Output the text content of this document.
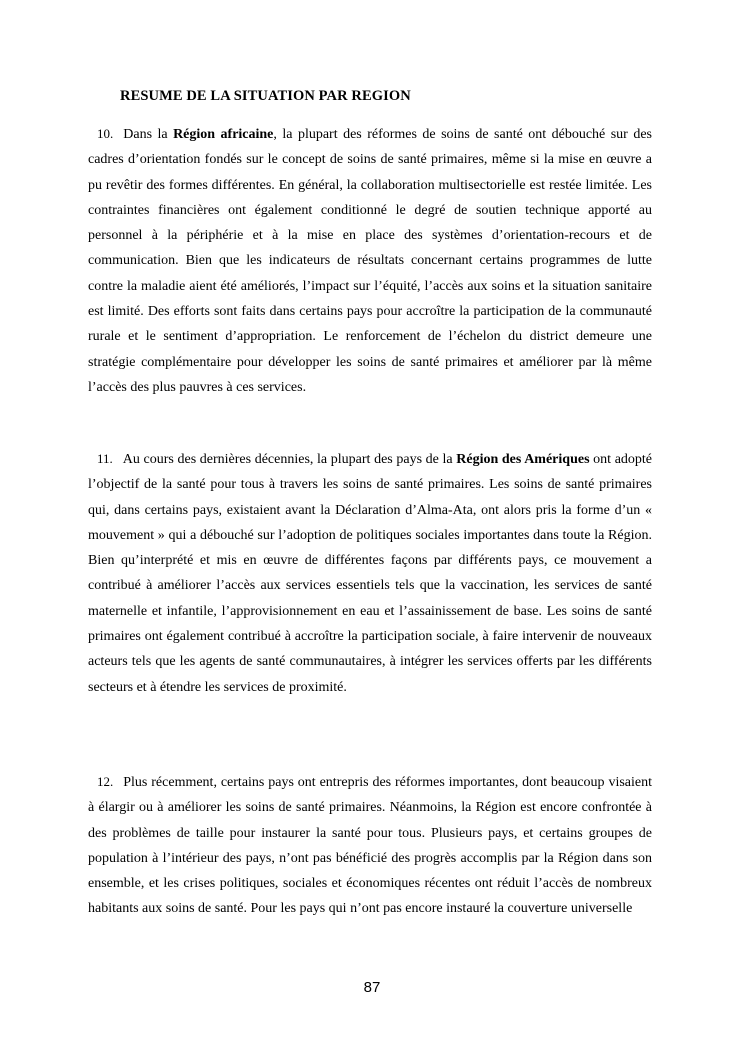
RESUME DE LA SITUATION PAR REGION

10. Dans la Région africaine, la plupart des réformes de soins de santé ont débouché sur des cadres d’orientation fondés sur le concept de soins de santé primaires, même si la mise en œuvre a pu revêtir des formes différentes. En général, la collaboration multisectorielle est restée limitée. Les contraintes financières ont également conditionné le degré de soutien technique apporté au personnel à la périphérie et à la mise en place des systèmes d’orientation-recours et de communication. Bien que les indicateurs de résultats concernant certains programmes de lutte contre la maladie aient été améliorés, l’impact sur l’équité, l’accès aux soins et la situation sanitaire est limité. Des efforts sont faits dans certains pays pour accroître la participation de la communauté rurale et le sentiment d’appropriation. Le renforcement de l’échelon du district demeure une stratégie complémentaire pour développer les soins de santé primaires et améliorer par là même l’accès des plus pauvres à ces services.

11. Au cours des dernières décennies, la plupart des pays de la Région des Amériques ont adopté l’objectif de la santé pour tous à travers les soins de santé primaires. Les soins de santé primaires qui, dans certains pays, existaient avant la Déclaration d’Alma-Ata, ont alors pris la forme d’un « mouvement » qui a débouché sur l’adoption de politiques sociales importantes dans toute la Région. Bien qu’interprété et mis en œuvre de différentes façons par différents pays, ce mouvement a contribué à améliorer l’accès aux services essentiels tels que la vaccination, les services de santé maternelle et infantile, l’approvisionnement en eau et l’assainissement de base. Les soins de santé primaires ont également contribué à accroître la participation sociale, à faire intervenir de nouveaux acteurs tels que les agents de santé communautaires, à intégrer les services offerts par les différents secteurs et à étendre les services de proximité.

12. Plus récemment, certains pays ont entrepris des réformes importantes, dont beaucoup visaient à élargir ou à améliorer les soins de santé primaires. Néanmoins, la Région est encore confrontée à des problèmes de taille pour instaurer la santé pour tous. Plusieurs pays, et certains groupes de population à l’intérieur des pays, n’ont pas bénéficié des progrès accomplis par la Région dans son ensemble, et les crises politiques, sociales et économiques récentes ont réduit l’accès de nombreux habitants aux soins de santé. Pour les pays qui n’ont pas encore instauré la couverture universelle

87
